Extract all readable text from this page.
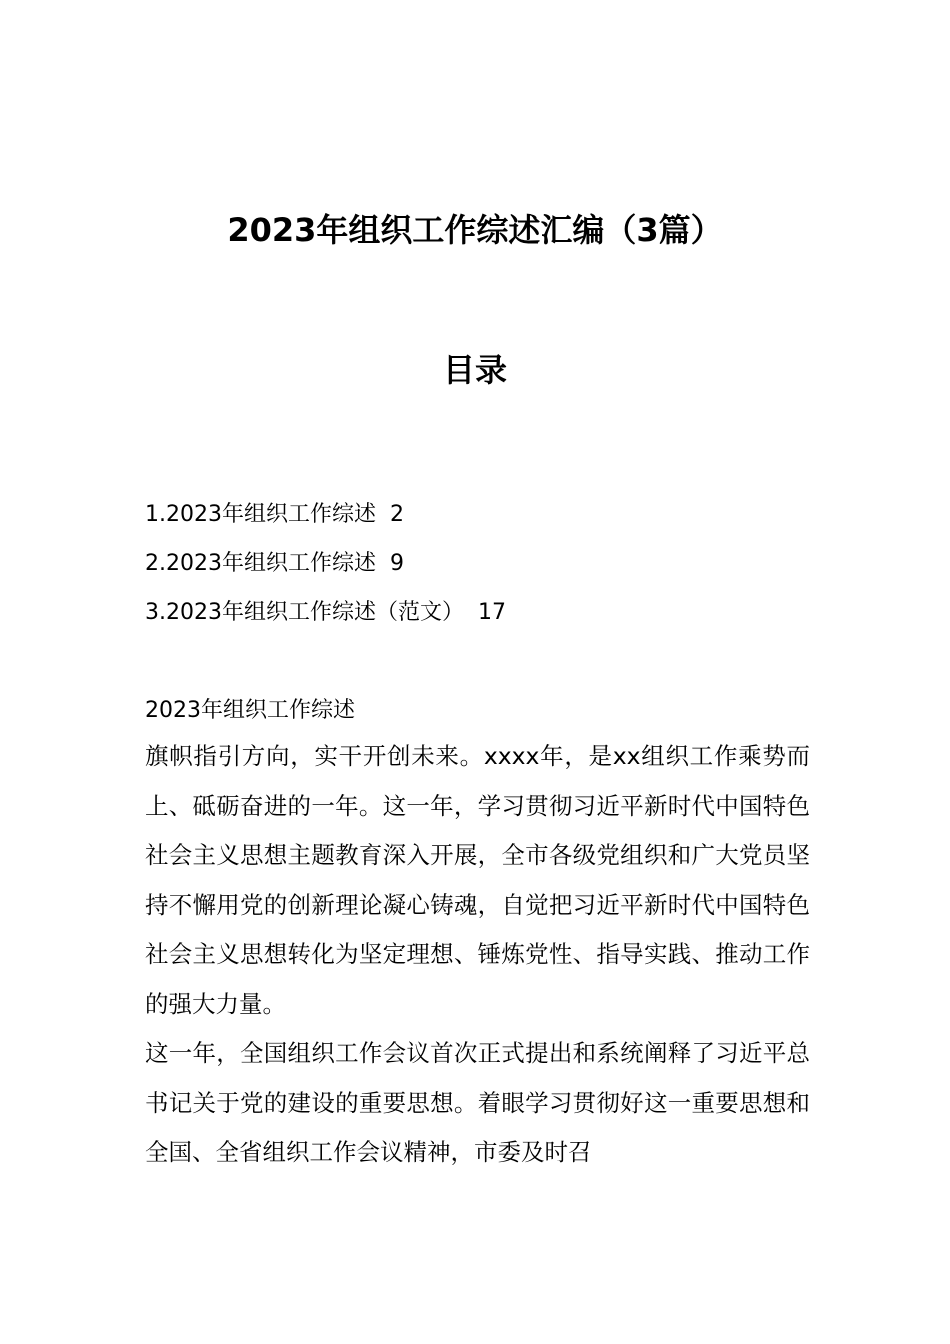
2023年组织工作综述汇编（3篇）
目录
1.2023年组织工作综述 2
2.2023年组织工作综述 9
3.2023年组织工作综述（范文） 17
2023年组织工作综述

旗帜指引方向，实干开创未来。xxxx年，是xx组织工作乘势而上、砥砺奋进的一年。这一年，学习贯彻习近平新时代中国特色社会主义思想主题教育深入开展，全市各级党组织和广大党员坚持不懈用党的创新理论凝心铸魂，自觉把习近平新时代中国特色社会主义思想转化为坚定理想、锤炼党性、指导实践、推动工作的强大力量。

这一年，全国组织工作会议首次正式提出和系统阐释了习近平总书记关于党的建设的重要思想。着眼学习贯彻好这一重要思想和全国、全省组织工作会议精神，市委及时召
